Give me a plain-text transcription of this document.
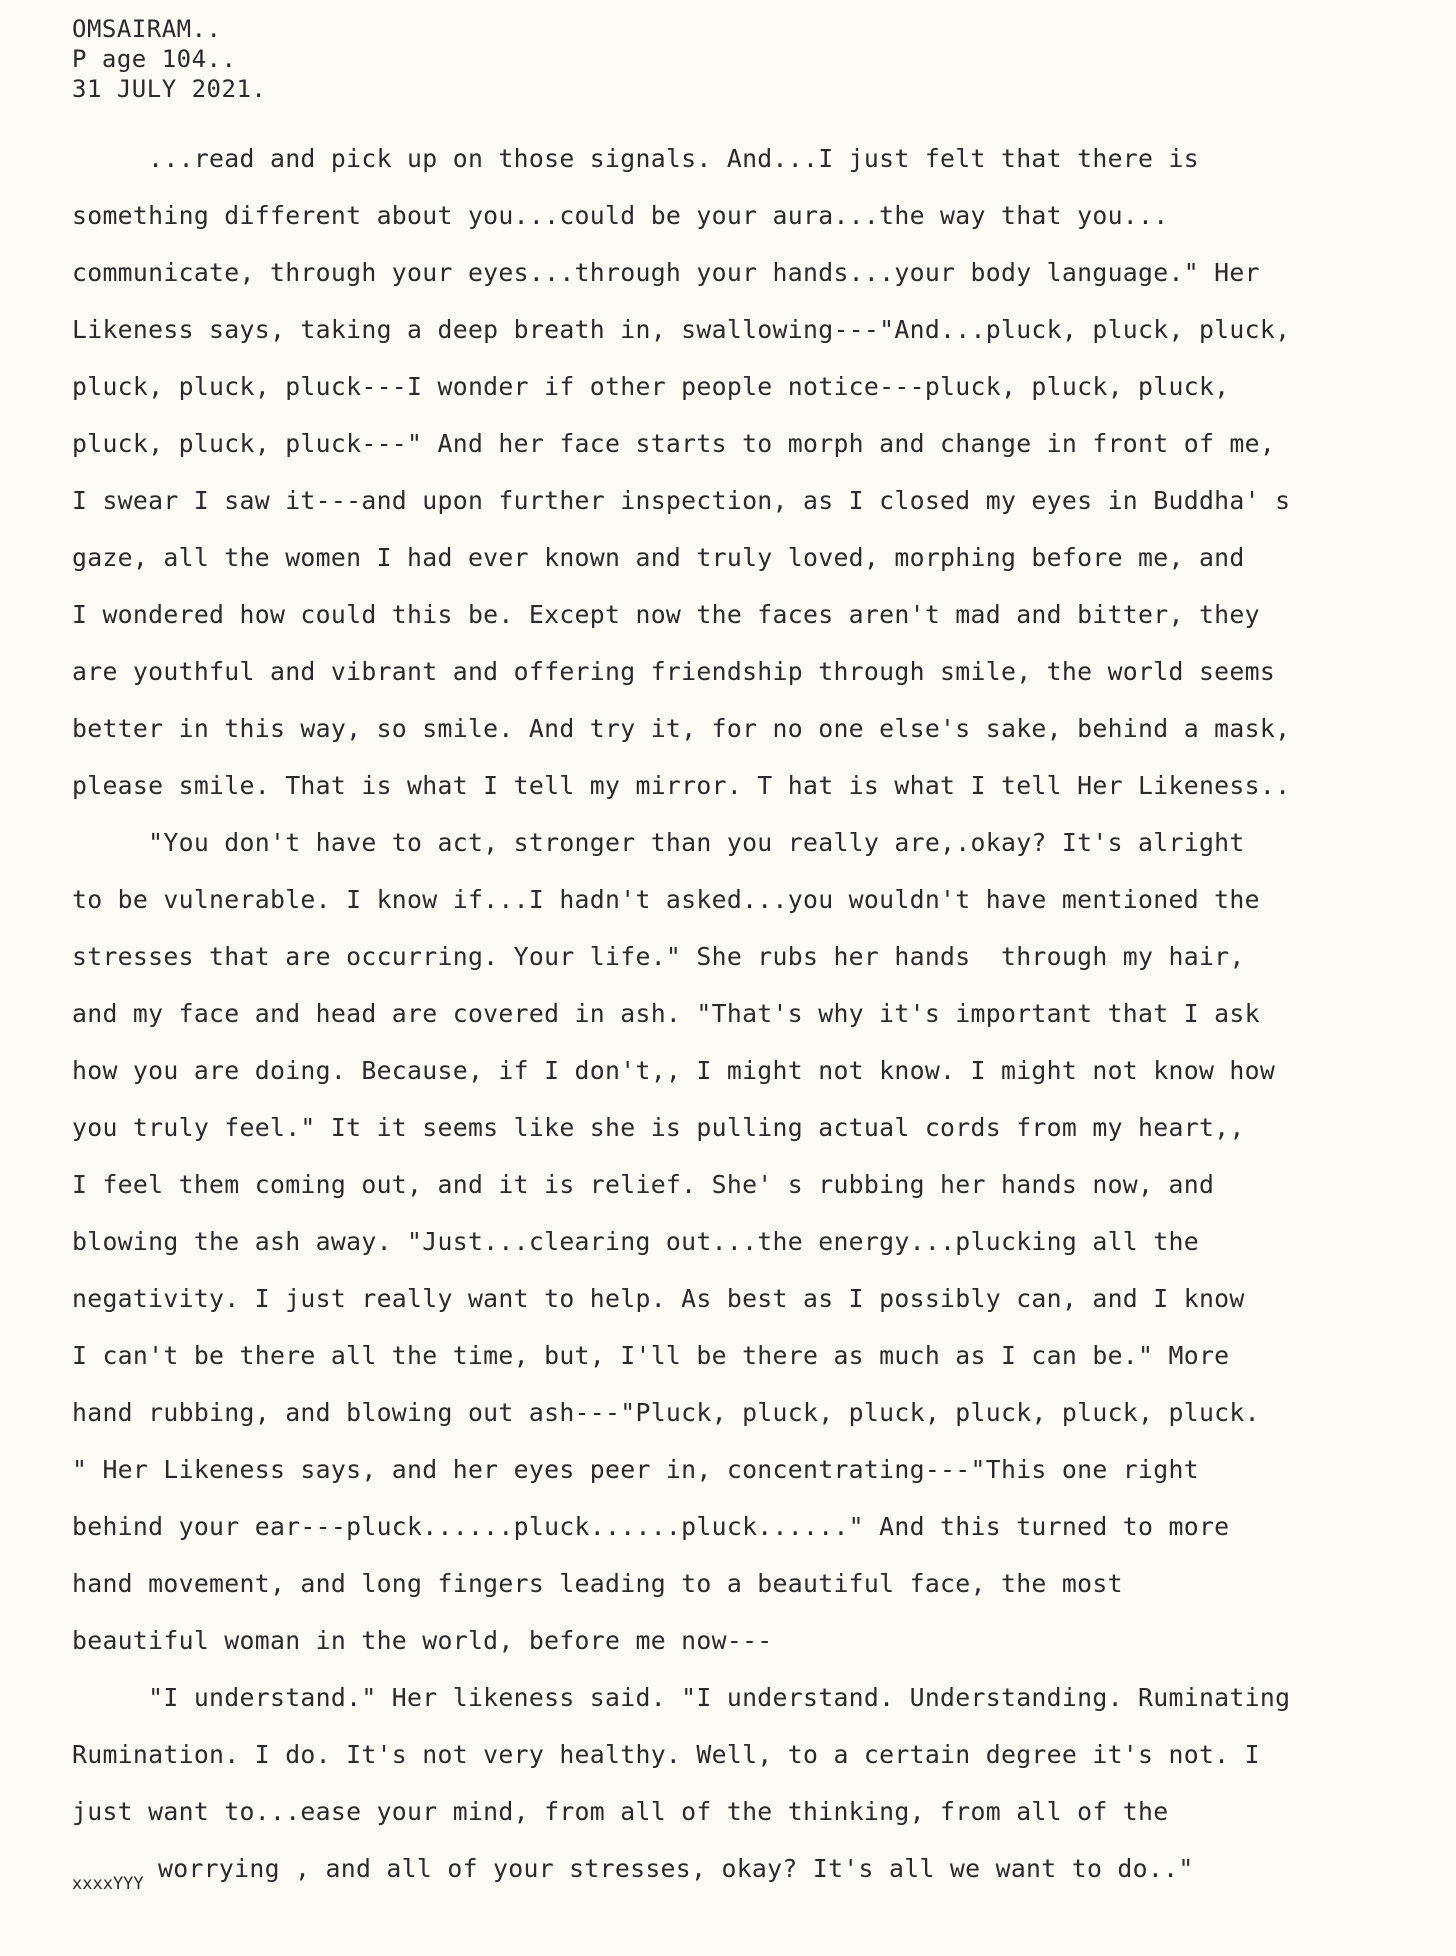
OMSAIRAM..
P age 104..
31 JULY 2021.
...read and pick up on those signals. And...I just felt that there is
something different about you...could be your aura...the way that you...
communicate, through your eyes...through your hands...your body language." Her
Likeness says, taking a deep breath in, swallowing---"And...pluck, pluck, pluck,
pluck, pluck, pluck---I wonder if other people notice---pluck, pluck, pluck,
pluck, pluck, pluck---" And her face starts to morph and change in front of me,
I swear I saw it---and upon further inspection, as I closed my eyes in Buddha' s
gaze, all the women I had ever known and truly loved, morphing before me, and
I wondered how could this be. Except now the faces aren't mad and bitter, they
are youthful and vibrant and offering friendship through smile, the world seems
better in this way, so smile. And try it, for no one else's sake, behind a mask,
please smile. That is what I tell my mirror. T hat is what I tell Her Likeness..
"You don't have to act, stronger than you really are,.okay? It's alright
to be vulnerable. I know if...I hadn't asked...you wouldn't have mentioned the
stresses that are occurring. Your life." She rubs her hands  through my hair,
and my face and head are covered in ash. "That's why it's important that I ask
how you are doing. Because, if I don't,, I might not know. I might not know how
you truly feel." It it seems like she is pulling actual cords from my heart,,
I feel them coming out, and it is relief. She' s rubbing her hands now, and
blowing the ash away. "Just...clearing out...the energy...plucking all the
negativity. I just really want to help. As best as I possibly can, and I know
I can't be there all the time, but, I'll be there as much as I can be." More
hand rubbing, and blowing out ash---"Pluck, pluck, pluck, pluck, pluck, pluck.
" Her Likeness says, and her eyes peer in, concentrating---"This one right
behind your ear---pluck......pluck......pluck......" And this turned to more
hand movement, and long fingers leading to a beautiful face, the most
beautiful woman in the world, before me now---
"I understand." Her likeness said. "I understand. Understanding. Ruminating
Rumination. I do. It's not very healthy. Well, to a certain degree it's not. I
just want to...ease your mind, from all of the thinking, from all of the

xxxxYYY

worrying , and all of your stresses, okay? It's all we want to do.."
